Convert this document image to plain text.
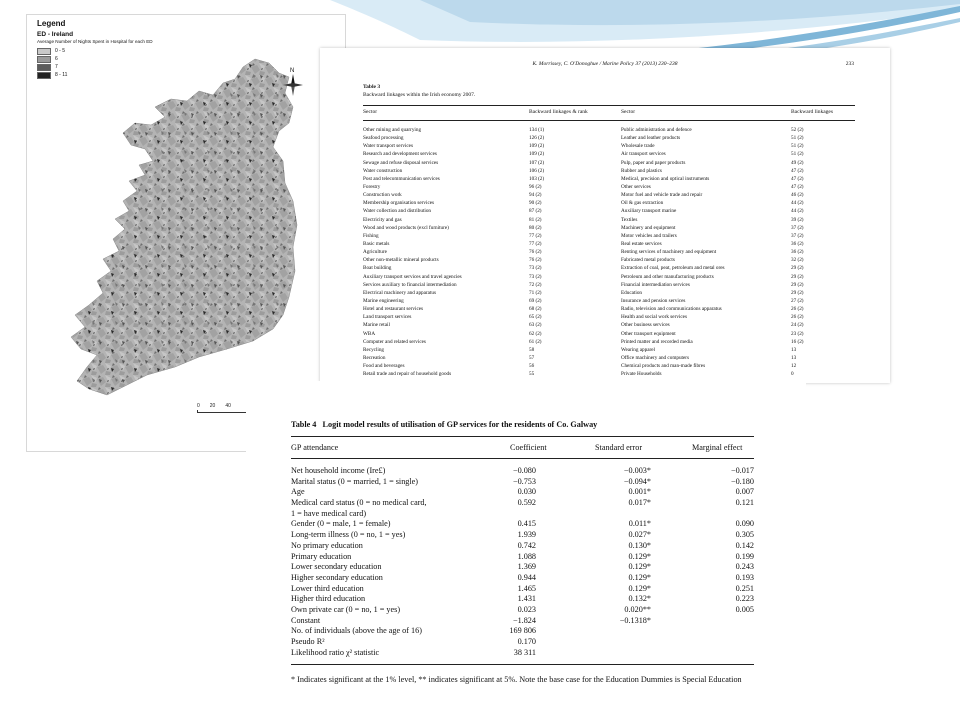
Legend
ED - Ireland
Average Number of Nights Spent in Hospital for each ED
0 - 5
6
7
8 - 11
N
0 20 40
K. Morrissey, C. O'Donoghue / Marine Policy 37 (2013) 230–238	233
Table 3
Backward linkages within the Irish economy 2007.
Sector	Backward linkages & rank	Sector	Backward linkages
Other mining and quarrying	134 (1)	Public administration and defence	52 (2)
Seafood processing	126 (2)	Leather and leather products	51 (2)
Water transport services	109 (2)	Wholesale trade	51 (2)
Research and development services	109 (2)	Air transport services	51 (2)
Sewage and refuse disposal services	107 (2)	Pulp, paper and paper products	49 (2)
Water construction	106 (2)	Rubber and plastics	47 (2)
Post and telecommunication services	103 (2)	Medical, precision and optical instruments	47 (2)
Forestry	96 (2)	Other services	47 (2)
Construction work	94 (2)	Motor fuel and vehicle trade and repair	46 (2)
Membership organisation services	90 (2)	Oil & gas extraction	44 (2)
Water collection and distribution	87 (2)	Auxiliary transport marine	44 (2)
Electricity and gas	81 (2)	Textiles	39 (2)
Wood and wood products (excl furniture)	80 (2)	Machinery and equipment	37 (2)
Fishing	77 (2)	Motor vehicles and trailers	37 (2)
Basic metals	77 (2)	Real estate services	36 (2)
Agriculture	76 (2)	Renting services of machinery and equipment	36 (2)
Other non-metallic mineral products	76 (2)	Fabricated metal products	32 (2)
Boat building	73 (2)	Extraction of coal, peat, petroleum and metal ores	29 (2)
Auxiliary transport services and travel agencies	73 (2)	Petroleum and other manufacturing products	29 (2)
Services auxiliary to financial intermediation	72 (2)	Financial intermediation services	29 (2)
Electrical machinery and apparatus	71 (2)	Education	29 (2)
Marine engineering	69 (2)	Insurance and pension services	27 (2)
Hotel and restaurant services	68 (2)	Radio, television and communications apparatus	26 (2)
Land transport services	65 (2)	Health and social work services	26 (2)
Marine retail	63 (2)	Other business services	24 (2)
WBA	62 (2)	Other transport equipment	23 (2)
Computer and related services	61 (2)	Printed matter and recorded media	16 (2)
Recycling	58	Wearing apparel	13
Recreation	57	Office machinery and computers	13
Food and beverages	56	Chemical products and man-made fibres	12
Retail trade and repair of household goods	55	Private Households	0
Table 4 Logit model results of utilisation of GP services for the residents of Co. Galway
GP attendance	Coefficient	Standard error	Marginal effect
Net household income (Ire£)	−0.080	−0.003*	−0.017
Marital status (0 = married, 1 = single)	−0.753	−0.094*	−0.180
Age	0.030	0.001*	0.007
Medical card status (0 = no medical card,	0.592	0.017*	0.121
1 = have medical card)
Gender (0 = male, 1 = female)	0.415	0.011*	0.090
Long-term illness (0 = no, 1 = yes)	1.939	0.027*	0.305
No primary education	0.742	0.130*	0.142
Primary education	1.088	0.129*	0.199
Lower secondary education	1.369	0.129*	0.243
Higher secondary education	0.944	0.129*	0.193
Lower third education	1.465	0.129*	0.251
Higher third education	1.431	0.132*	0.223
Own private car (0 = no, 1 = yes)	0.023	0.020**	0.005
Constant	−1.824	−0.1318*
No. of individuals (above the age of 16)	169 806
Pseudo R²	0.170
Likelihood ratio χ² statistic	38 311
* Indicates significant at the 1% level, ** indicates significant at 5%. Note the base case for the Education Dummies is Special Education
